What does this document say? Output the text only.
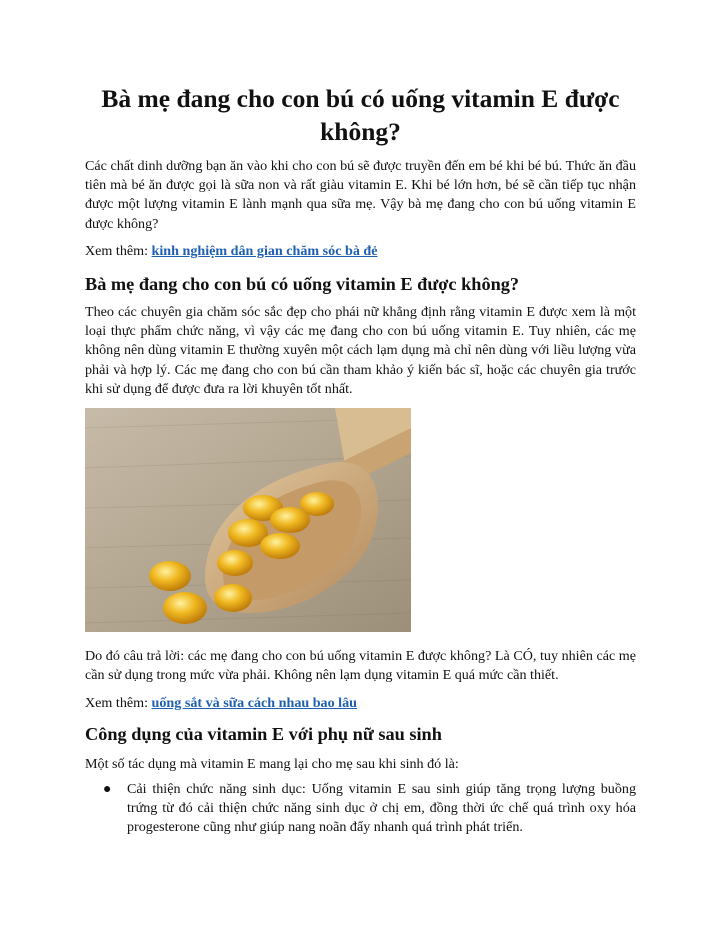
Bà mẹ đang cho con bú có uống vitamin E được không?

Các chất dinh dưỡng bạn ăn vào khi cho con bú sẽ được truyền đến em bé khi bé bú. Thức ăn đầu tiên mà bé ăn được gọi là sữa non và rất giàu vitamin E. Khi bé lớn hơn, bé sẽ cần tiếp tục nhận được một lượng vitamin E lành mạnh qua sữa mẹ. Vậy bà mẹ đang cho con bú uống vitamin E được không?

Xem thêm: kinh nghiệm dân gian chăm sóc bà đẻ

Bà mẹ đang cho con bú có uống vitamin E được không?

Theo các chuyên gia chăm sóc sắc đẹp cho phái nữ khẳng định rằng vitamin E được xem là một loại thực phẩm chức năng, vì vậy các mẹ đang cho con bú uống vitamin E. Tuy nhiên, các mẹ không nên dùng vitamin E thường xuyên một cách lạm dụng mà chỉ nên dùng với liều lượng vừa phải và hợp lý. Các mẹ đang cho con bú cần tham khảo ý kiến bác sĩ, hoặc các chuyên gia trước khi sử dụng để được đưa ra lời khuyên tốt nhất.

Do đó câu trả lời: các mẹ đang cho con bú uống vitamin E được không? Là CÓ, tuy nhiên các mẹ cần sử dụng trong mức vừa phải. Không nên lạm dụng vitamin E quá mức cần thiết.

Xem thêm: uống sắt và sữa cách nhau bao lâu

Công dụng của vitamin E với phụ nữ sau sinh

Một số tác dụng mà vitamin E mang lại cho mẹ sau khi sinh đó là:

● Cải thiện chức năng sinh dục: Uống vitamin E sau sinh giúp tăng trọng lượng buồng trứng từ đó cải thiện chức năng sinh dục ở chị em, đồng thời ức chế quá trình oxy hóa progesterone cũng như giúp nang noãn đẩy nhanh quá trình phát triển.
